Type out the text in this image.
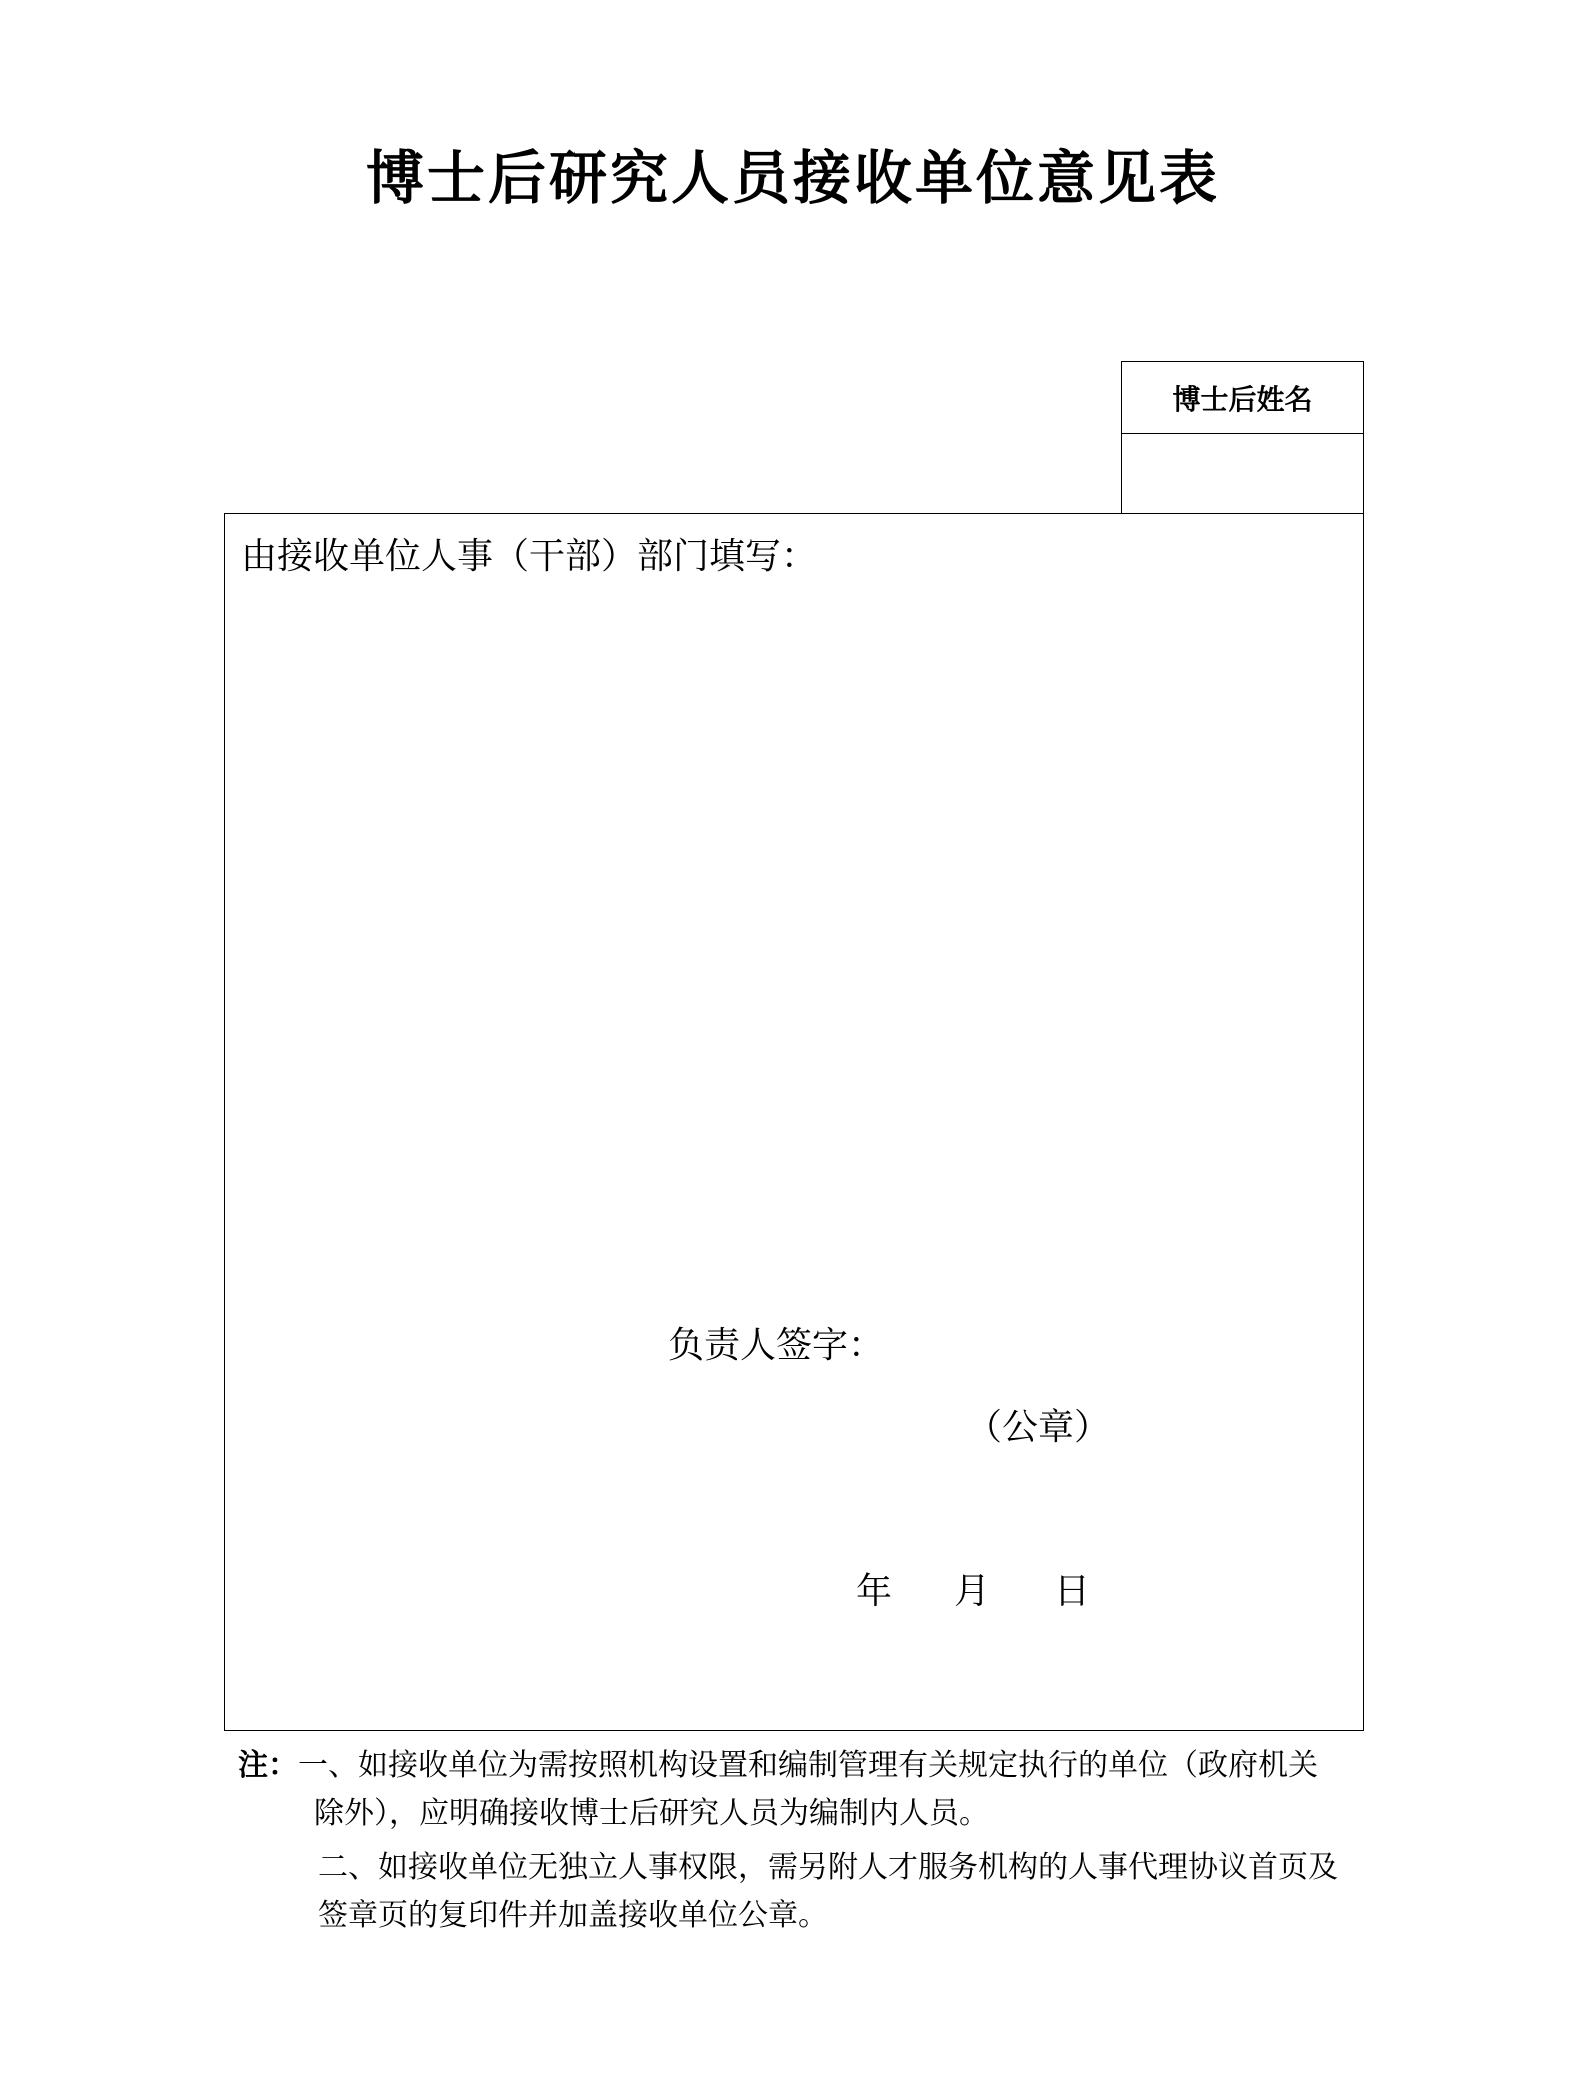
博士后研究人员接收单位意见表
博士后姓名
由接收单位人事（干部）部门填写：
负责人签字：
（公章）
年	月	日
注：一、如接收单位为需按照机构设置和编制管理有关规定执行的单位（政府机关
除外），应明确接收博士后研究人员为编制内人员。
二、如接收单位无独立人事权限，需另附人才服务机构的人事代理协议首页及
签章页的复印件并加盖接收单位公章。
